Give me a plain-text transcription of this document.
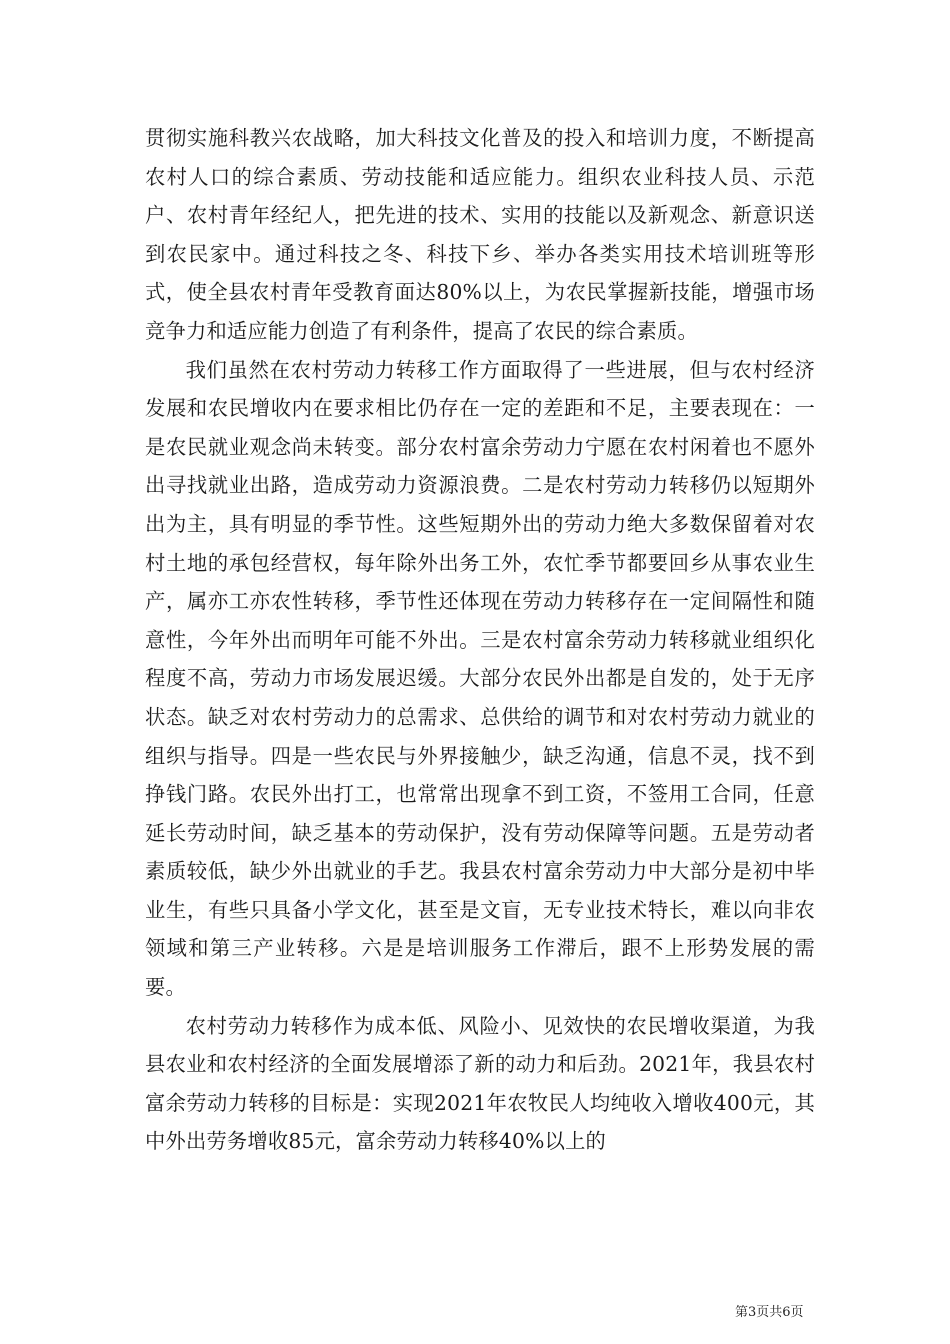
贯彻实施科教兴农战略，加大科技文化普及的投入和培训力度，不断提高农村人口的综合素质、劳动技能和适应能力。组织农业科技人员、示范户、农村青年经纪人，把先进的技术、实用的技能以及新观念、新意识送到农民家中。通过科技之冬、科技下乡、举办各类实用技术培训班等形式，使全县农村青年受教育面达80%以上，为农民掌握新技能，增强市场竞争力和适应能力创造了有利条件，提高了农民的综合素质。

我们虽然在农村劳动力转移工作方面取得了一些进展，但与农村经济发展和农民增收内在要求相比仍存在一定的差距和不足，主要表现在：一是农民就业观念尚未转变。部分农村富余劳动力宁愿在农村闲着也不愿外出寻找就业出路，造成劳动力资源浪费。二是农村劳动力转移仍以短期外出为主，具有明显的季节性。这些短期外出的劳动力绝大多数保留着对农村土地的承包经营权，每年除外出务工外，农忙季节都要回乡从事农业生产，属亦工亦农性转移，季节性还体现在劳动力转移存在一定间隔性和随意性，今年外出而明年可能不外出。三是农村富余劳动力转移就业组织化程度不高，劳动力市场发展迟缓。大部分农民外出都是自发的，处于无序状态。缺乏对农村劳动力的总需求、总供给的调节和对农村劳动力就业的组织与指导。四是一些农民与外界接触少，缺乏沟通，信息不灵，找不到挣钱门路。农民外出打工，也常常出现拿不到工资，不签用工合同，任意延长劳动时间，缺乏基本的劳动保护，没有劳动保障等问题。五是劳动者素质较低，缺少外出就业的手艺。我县农村富余劳动力中大部分是初中毕业生，有些只具备小学文化，甚至是文盲，无专业技术特长，难以向非农领域和第三产业转移。六是是培训服务工作滞后，跟不上形势发展的需要。

农村劳动力转移作为成本低、风险小、见效快的农民增收渠道，为我县农业和农村经济的全面发展增添了新的动力和后劲。2021年，我县农村富余劳动力转移的目标是：实现2021年农牧民人均纯收入增收400元，其中外出劳务增收85元，富余劳动力转移40%以上的

第3页共6页
